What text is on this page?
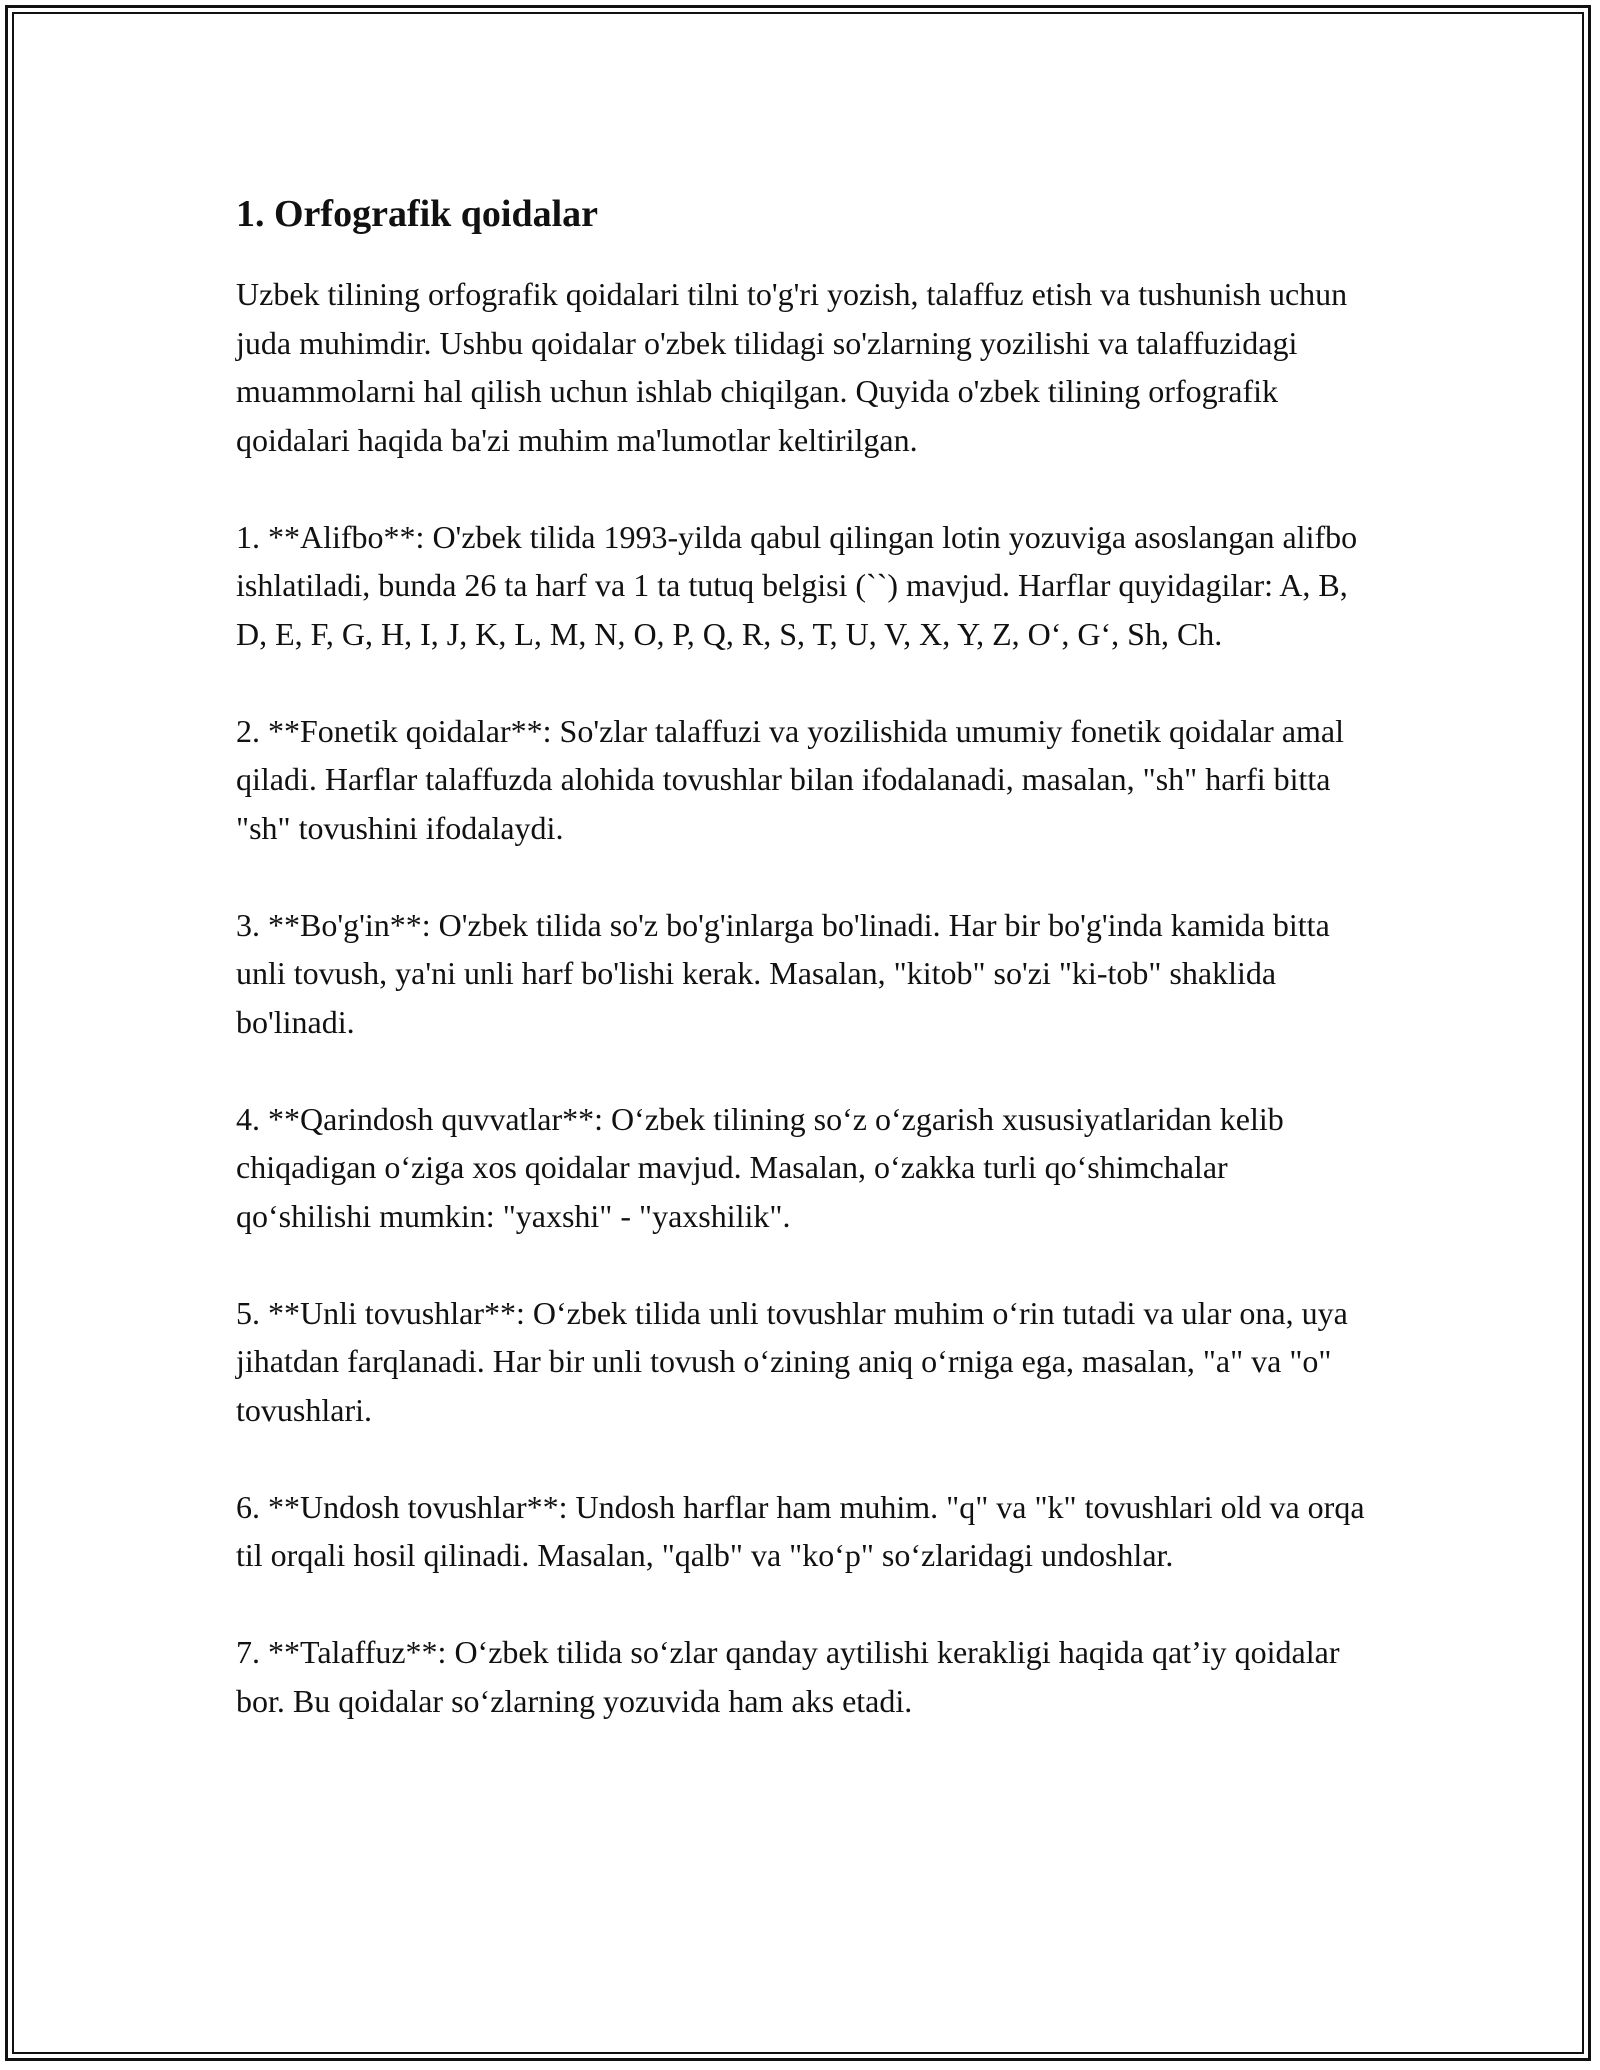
1. Orfografik qoidalar

Uzbek tilining orfografik qoidalari tilni to'g'ri yozish, talaffuz etish va tushunish uchun juda muhimdir. Ushbu qoidalar o'zbek tilidagi so'zlarning yozilishi va talaffuzidagi muammolarni hal qilish uchun ishlab chiqilgan. Quyida o'zbek tilining orfografik qoidalari haqida ba'zi muhim ma'lumotlar keltirilgan.

1. **Alifbo**: O'zbek tilida 1993-yilda qabul qilingan lotin yozuviga asoslangan alifbo ishlatiladi, bunda 26 ta harf va 1 ta tutuq belgisi (``) mavjud. Harflar quyidagilar: A, B, D, E, F, G, H, I, J, K, L, M, N, O, P, Q, R, S, T, U, V, X, Y, Z, O‘, G‘, Sh, Ch.

2. **Fonetik qoidalar**: So'zlar talaffuzi va yozilishida umumiy fonetik qoidalar amal qiladi. Harflar talaffuzda alohida tovushlar bilan ifodalanadi, masalan, "sh" harfi bitta "sh" tovushini ifodalaydi.

3. **Bo'g'in**: O'zbek tilida so'z bo'g'inlarga bo'linadi. Har bir bo'g'inda kamida bitta unli tovush, ya'ni unli harf bo'lishi kerak. Masalan, "kitob" so'zi "ki-tob" shaklida bo'linadi.

4. **Qarindosh quvvatlar**: O‘zbek tilining so‘z o‘zgarish xususiyatlaridan kelib chiqadigan o‘ziga xos qoidalar mavjud. Masalan, o‘zakka turli qo‘shimchalar qo‘shilishi mumkin: "yaxshi" - "yaxshilik".

5. **Unli tovushlar**: O‘zbek tilida unli tovushlar muhim o‘rin tutadi va ular ona, uya jihatdan farqlanadi. Har bir unli tovush o‘zining aniq o‘rniga ega, masalan, "a" va "o" tovushlari.

6. **Undosh tovushlar**: Undosh harflar ham muhim. "q" va "k" tovushlari old va orqa til orqali hosil qilinadi. Masalan, "qalb" va "ko‘p" so‘zlaridagi undoshlar.

7. **Talaffuz**: O‘zbek tilida so‘zlar qanday aytilishi kerakligi haqida qat’iy qoidalar bor. Bu qoidalar so‘zlarning yozuvida ham aks etadi.
